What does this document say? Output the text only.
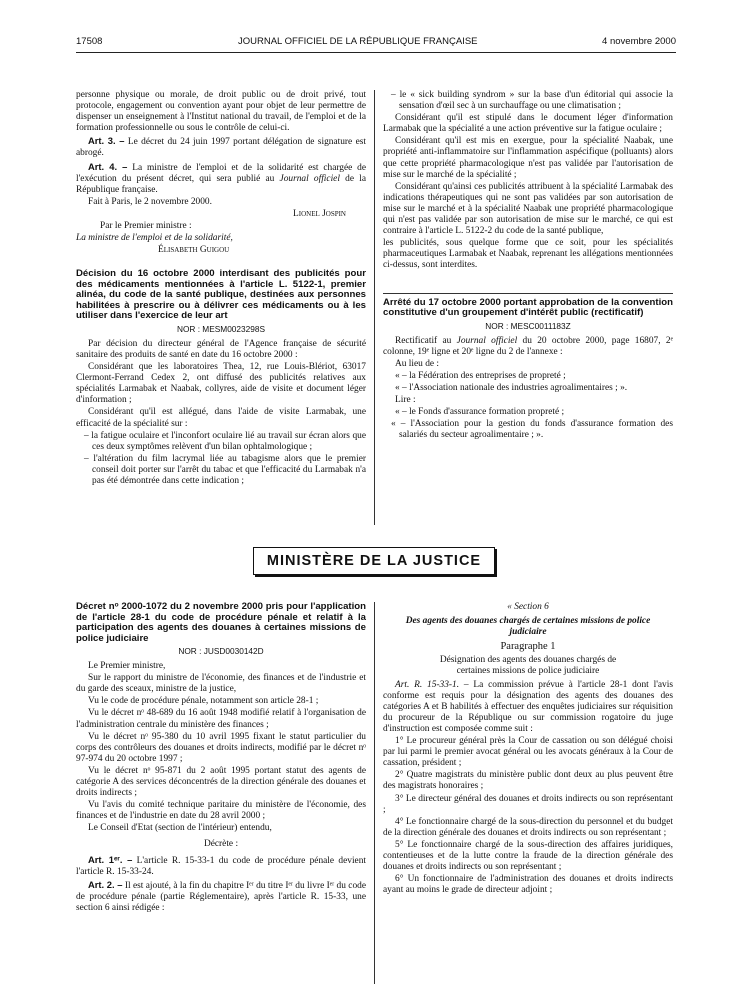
17508	JOURNAL OFFICIEL DE LA RÉPUBLIQUE FRANÇAISE	4 novembre 2000

personne physique ou morale, de droit public ou de droit privé, tout protocole, engagement ou convention ayant pour objet de leur permettre de dispenser un enseignement à l'Institut national du travail, de l'emploi et de la formation professionnelle ou sous le contrôle de celui-ci.

Art. 3. – Le décret du 24 juin 1997 portant délégation de signature est abrogé.

Art. 4. – La ministre de l'emploi et de la solidarité est chargée de l'exécution du présent décret, qui sera publié au Journal officiel de la République française.

Fait à Paris, le 2 novembre 2000.

Lionel Jospin

Par le Premier ministre :

La ministre de l'emploi et de la solidarité,

Élisabeth Guigou

Décision du 16 octobre 2000 interdisant des publicités pour des médicaments mentionnées à l'article L. 5122-1, premier alinéa, du code de la santé publique, destinées aux personnes habilitées à prescrire ou à délivrer ces médicaments ou à les utiliser dans l'exercice de leur art

NOR : MESM0023298S

Par décision du directeur général de l'Agence française de sécurité sanitaire des produits de santé en date du 16 octobre 2000 :

Considérant que les laboratoires Thea, 12, rue Louis-Blériot, 63017 Clermont-Ferrand Cedex 2, ont diffusé des publicités relatives aux spécialités Larmabak et Naabak, collyres, aide de visite et document léger d'information ;

Considérant qu'il est allégué, dans l'aide de visite Larmabak, une efficacité de la spécialité sur :

– la fatigue oculaire et l'inconfort oculaire lié au travail sur écran alors que ces deux symptômes relèvent d'un bilan ophtalmologique ;

– l'altération du film lacrymal liée au tabagisme alors que le premier conseil doit porter sur l'arrêt du tabac et que l'efficacité du Larmabak n'a pas été démontrée dans cette indication ;

– le « sick building syndrom » sur la base d'un éditorial qui associe la sensation d'œil sec à un surchauffage ou une climatisation ;

Considérant qu'il est stipulé dans le document léger d'information Larmabak que la spécialité a une action préventive sur la fatigue oculaire ;

Considérant qu'il est mis en exergue, pour la spécialité Naabak, une propriété anti-inflammatoire sur l'inflammation aspécifique (polluants) alors que cette propriété pharmacologique n'est pas validée par l'autorisation de mise sur le marché de la spécialité ;

Considérant qu'ainsi ces publicités attribuent à la spécialité Larmabak des indications thérapeutiques qui ne sont pas validées par son autorisation de mise sur le marché et à la spécialité Naabak une propriété pharmacologique qui n'est pas validée par son autorisation de mise sur le marché, ce qui est contraire à l'article L. 5122-2 du code de la santé publique,

les publicités, sous quelque forme que ce soit, pour les spécialités pharmaceutiques Larmabak et Naabak, reprenant les allégations mentionnées ci-dessus, sont interdites.

Arrêté du 17 octobre 2000 portant approbation de la convention constitutive d'un groupement d'intérêt public (rectificatif)

NOR : MESC0011183Z

Rectificatif au Journal officiel du 20 octobre 2000, page 16807, 2ᵉ colonne, 19ᵉ ligne et 20ᵉ ligne du 2 de l'annexe :

Au lieu de :

« – la Fédération des entreprises de propreté ;

« – l'Association nationale des industries agroalimentaires ; ».

Lire :

« – le Fonds d'assurance formation propreté ;

« – l'Association pour la gestion du fonds d'assurance formation des salariés du secteur agroalimentaire ; ».

MINISTÈRE DE LA JUSTICE
Décret nᵒ 2000-1072 du 2 novembre 2000 pris pour l'application de l'article 28-1 du code de procédure pénale et relatif à la participation des agents des douanes à certaines missions de police judiciaire

NOR : JUSD0030142D

Le Premier ministre,

Sur le rapport du ministre de l'économie, des finances et de l'industrie et du garde des sceaux, ministre de la justice,

Vu le code de procédure pénale, notamment son article 28-1 ;

Vu le décret nᵒ 48-689 du 16 août 1948 modifié relatif à l'organisation de l'administration centrale du ministère des finances ;

Vu le décret nᵒ 95-380 du 10 avril 1995 fixant le statut particulier du corps des contrôleurs des douanes et droits indirects, modifié par le décret nᵒ 97-974 du 20 octobre 1997 ;

Vu le décret nᵒ 95-871 du 2 août 1995 portant statut des agents de catégorie A des services déconcentrés de la direction générale des douanes et droits indirects ;

Vu l'avis du comité technique paritaire du ministère de l'économie, des finances et de l'industrie en date du 28 avril 2000 ;

Le Conseil d'Etat (section de l'intérieur) entendu,

Décrète :

Art. 1ᵉʳ. – L'article R. 15-33-1 du code de procédure pénale devient l'article R. 15-33-24.

Art. 2. – Il est ajouté, à la fin du chapitre Iᵉʳ du titre Iᵉʳ du livre Iᵉʳ du code de procédure pénale (partie Réglementaire), après l'article R. 15-33, une section 6 ainsi rédigée :

« Section 6

Des agents des douanes chargés de certaines missions de police judiciaire

Paragraphe 1

Désignation des agents des douanes chargés de certaines missions de police judiciaire

Art. R. 15-33-1. – La commission prévue à l'article 28-1 dont l'avis conforme est requis pour la désignation des agents des douanes des catégories A et B habilités à effectuer des enquêtes judiciaires sur réquisition du procureur de la République ou sur commission rogatoire du juge d'instruction est composée comme suit :

1° Le procureur général près la Cour de cassation ou son délégué choisi par lui parmi le premier avocat général ou les avocats généraux à la Cour de cassation, président ;

2° Quatre magistrats du ministère public dont deux au plus peuvent être des magistrats honoraires ;

3° Le directeur général des douanes et droits indirects ou son représentant ;

4° Le fonctionnaire chargé de la sous-direction du personnel et du budget de la direction générale des douanes et droits indirects ou son représentant ;

5° Le fonctionnaire chargé de la sous-direction des affaires juridiques, contentieuses et de la lutte contre la fraude de la direction générale des douanes et droits indirects ou son représentant ;

6° Un fonctionnaire de l'administration des douanes et droits indirects ayant au moins le grade de directeur adjoint ;
